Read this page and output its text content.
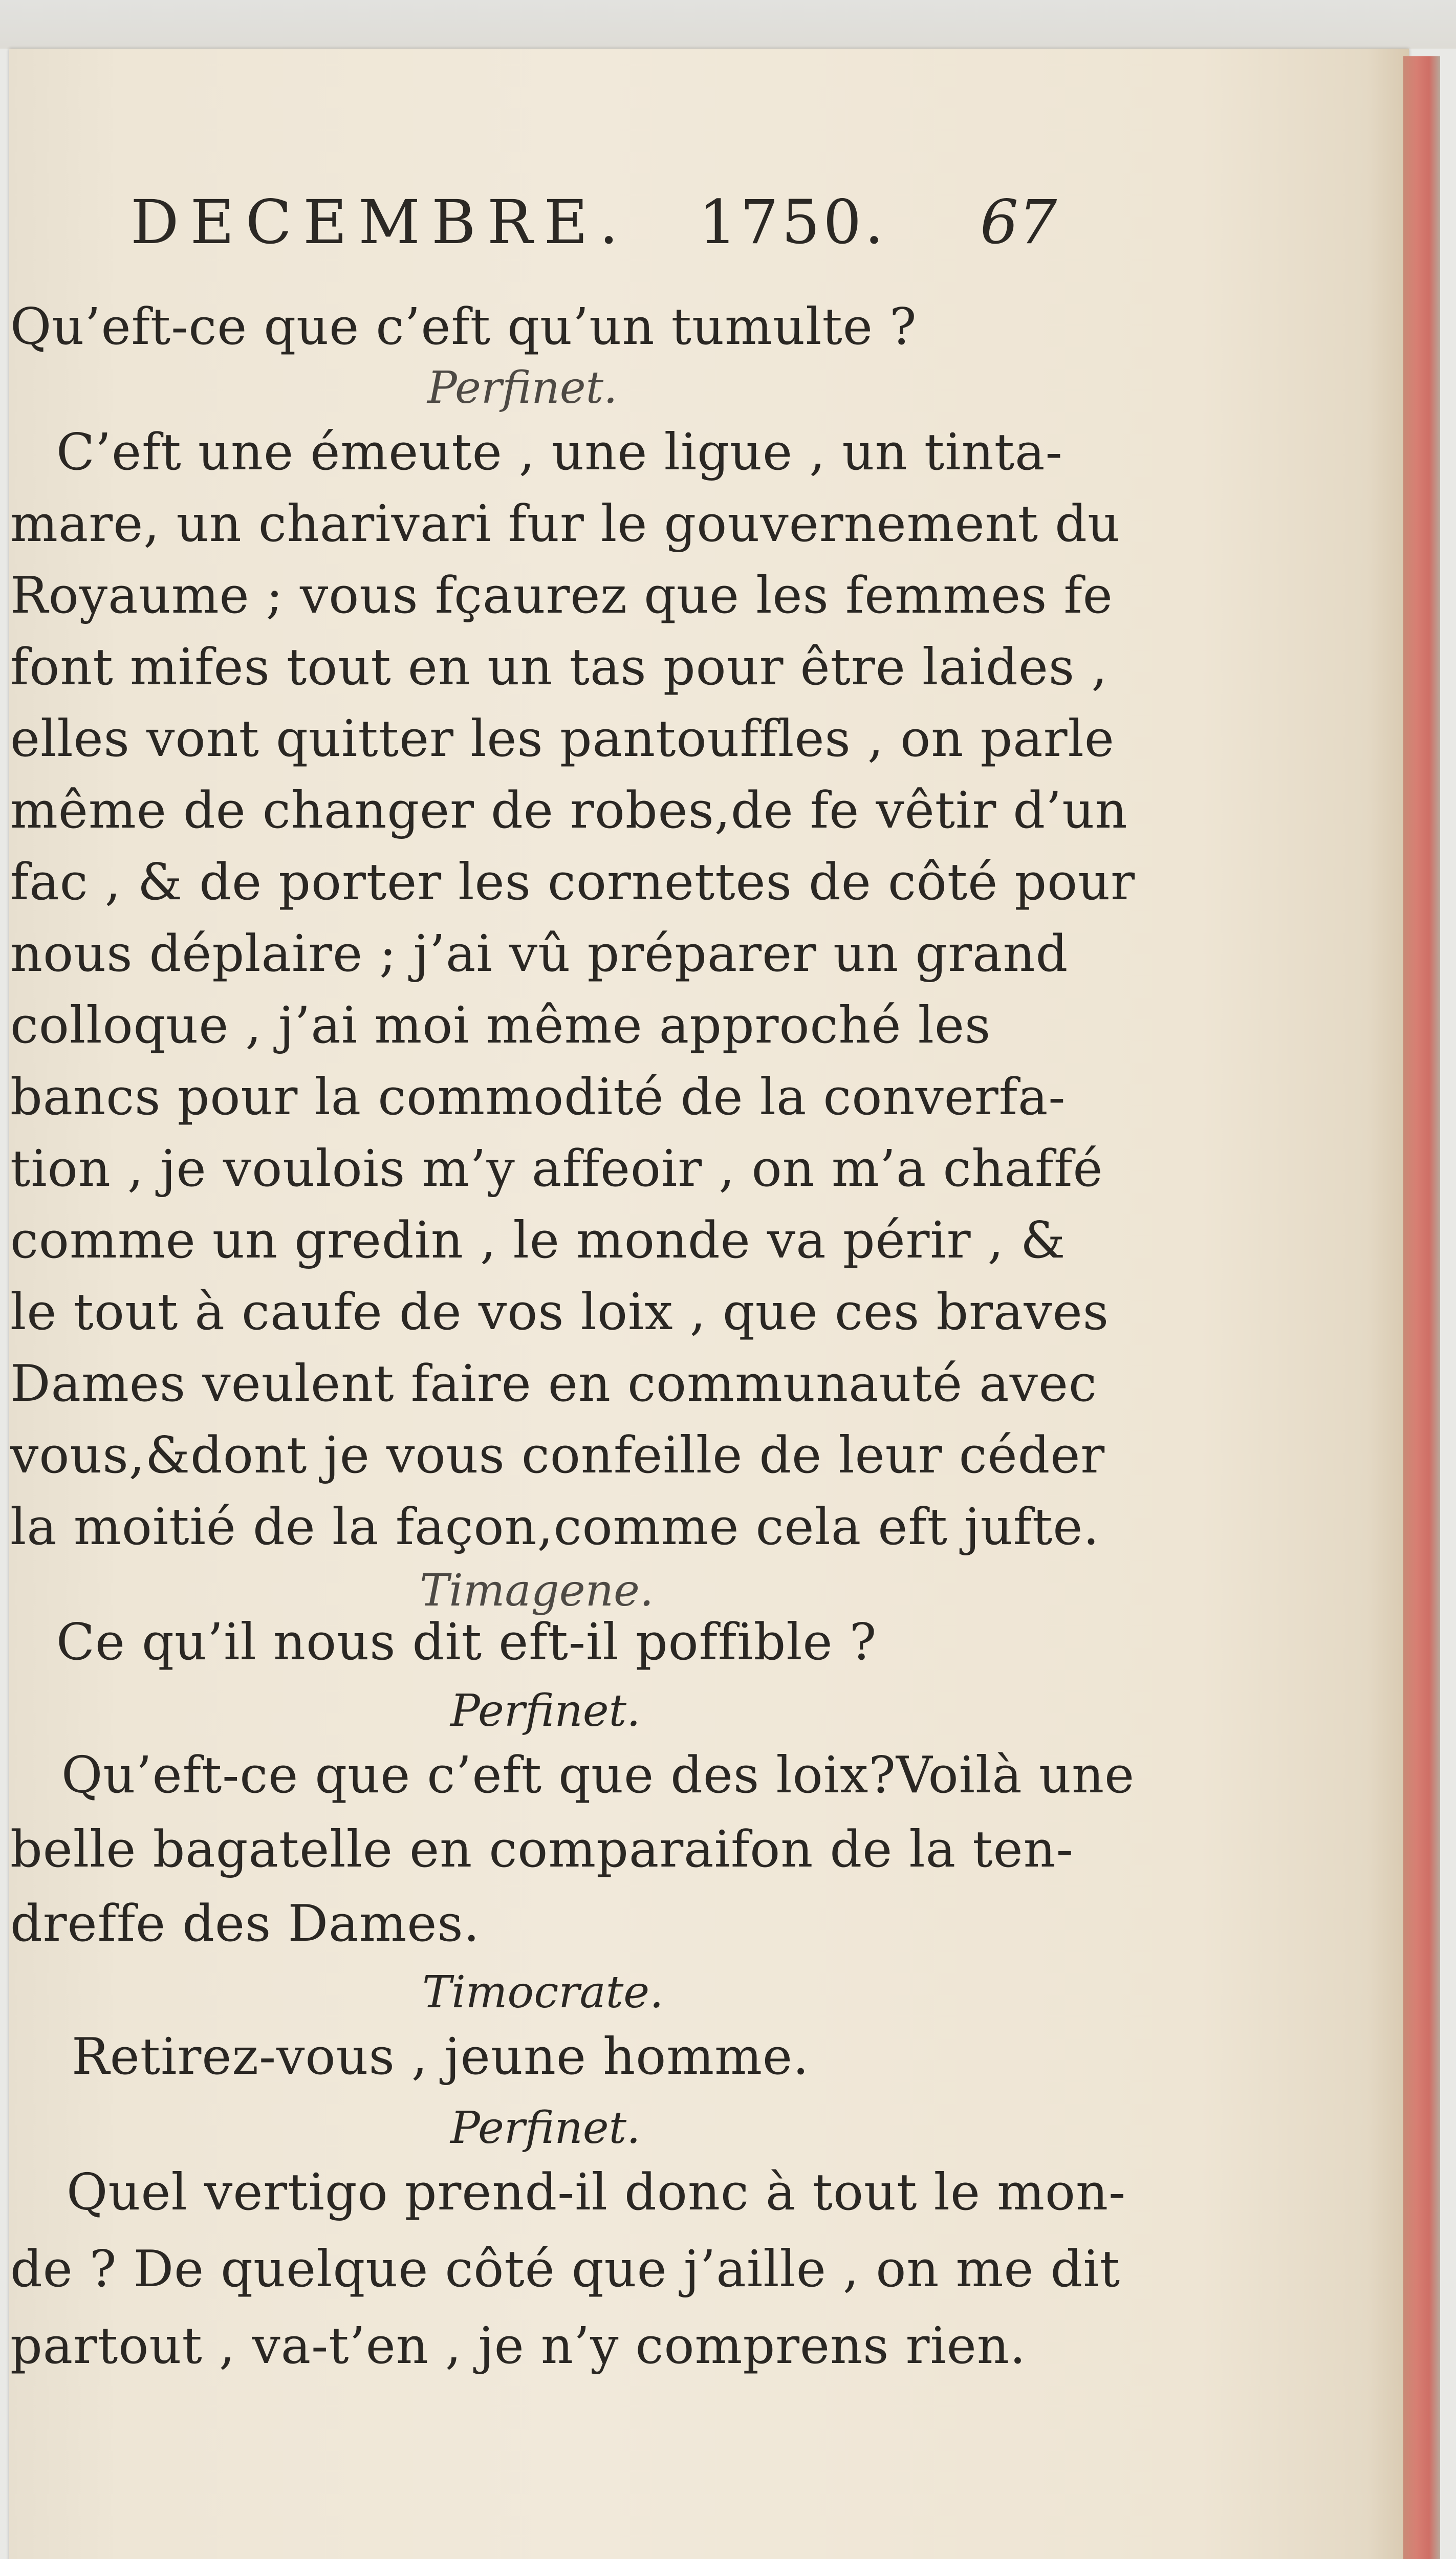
DECEMBRE. 1750. 67
Qu’eft-ce que c’eft qu’un tumulte ?
Perfinet.
C’eft une émeute , une ligue , un tinta-
mare, un charivari fur le gouvernement du
Royaume ; vous fçaurez que les femmes fe
font mifes tout en un tas pour être laides ,
elles vont quitter les pantouffles , on parle
même de changer de robes,de fe vêtir d’un
fac , & de porter les cornettes de côté pour
nous déplaire ; j’ai vû préparer un grand
colloque , j’ai moi même approché les
bancs pour la commodité de la converfa-
tion , je voulois m’y affeoir , on m’a chaffé
comme un gredin , le monde va périr , &
le tout à caufe de vos loix , que ces braves
Dames veulent faire en communauté avec
vous,&dont je vous confeille de leur céder
la moitié de la façon,comme cela eft jufte.
Timagene.
Ce qu’il nous dit eft-il poffible ?
Perfinet.
Qu’eft-ce que c’eft que des loix?Voilà une
belle bagatelle en comparaifon de la ten-
dreffe des Dames.
Timocrate.
Retirez-vous , jeune homme.
Perfinet.
Quel vertigo prend-il donc à tout le mon-
de ? De quelque côté que j’aille , on me dit
partout , va-t’en , je n’y comprens rien.
